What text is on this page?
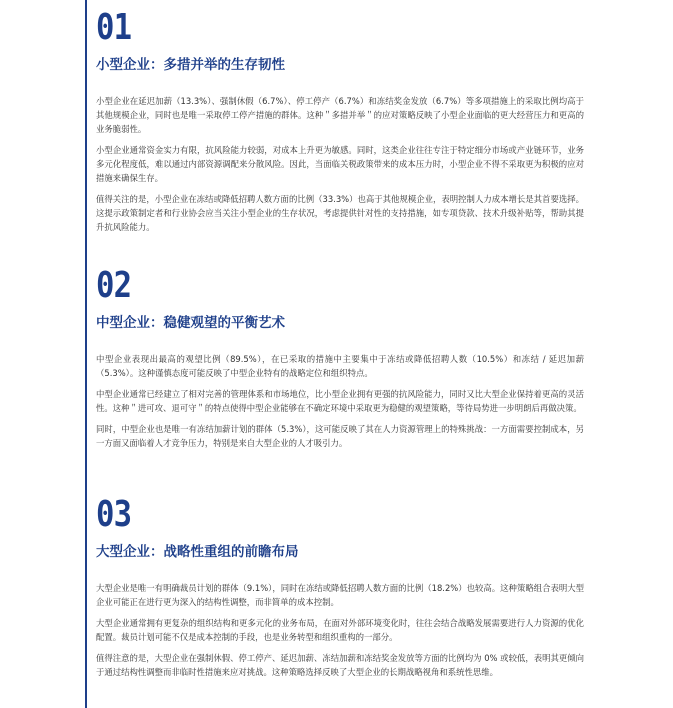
01
小型企业：多措并举的生存韧性

小型企业在延迟加薪（13.3%）、强制休假（6.7%）、停工停产（6.7%）和冻结奖金发放（6.7%）等多项措施上的采取比例均高于其他规模企业，同时也是唯一采取停工停产措施的群体。这种＂多措并举＂的应对策略反映了小型企业面临的更大经营压力和更高的业务脆弱性。

小型企业通常资金实力有限，抗风险能力较弱，对成本上升更为敏感。同时，这类企业往往专注于特定细分市场或产业链环节，业务多元化程度低，难以通过内部资源调配来分散风险。因此，当面临关税政策带来的成本压力时，小型企业不得不采取更为积极的应对措施来确保生存。

值得关注的是，小型企业在冻结或降低招聘人数方面的比例（33.3%）也高于其他规模企业，表明控制人力成本增长是其首要选择。这提示政策制定者和行业协会应当关注小型企业的生存状况，考虑提供针对性的支持措施，如专项贷款、技术升级补贴等，帮助其提升抗风险能力。

02
中型企业：稳健观望的平衡艺术

中型企业表现出最高的观望比例（89.5%），在已采取的措施中主要集中于冻结或降低招聘人数（10.5%）和冻结 / 延迟加薪（5.3%）。这种谨慎态度可能反映了中型企业特有的战略定位和组织特点。

中型企业通常已经建立了相对完善的管理体系和市场地位，比小型企业拥有更强的抗风险能力，同时又比大型企业保持着更高的灵活性。这种＂进可攻、退可守＂的特点使得中型企业能够在不确定环境中采取更为稳健的观望策略，等待局势进一步明朗后再做决策。

同时，中型企业也是唯一有冻结加薪计划的群体（5.3%），这可能反映了其在人力资源管理上的特殊挑战：一方面需要控制成本，另一方面又面临着人才竞争压力，特别是来自大型企业的人才吸引力。

03
大型企业：战略性重组的前瞻布局

大型企业是唯一有明确裁员计划的群体（9.1%），同时在冻结或降低招聘人数方面的比例（18.2%）也较高。这种策略组合表明大型企业可能正在进行更为深入的结构性调整，而非简单的成本控制。

大型企业通常拥有更复杂的组织结构和更多元化的业务布局，在面对外部环境变化时，往往会结合战略发展需要进行人力资源的优化配置。裁员计划可能不仅是成本控制的手段，也是业务转型和组织重构的一部分。

值得注意的是，大型企业在强制休假、停工停产、延迟加薪、冻结加薪和冻结奖金发放等方面的比例均为 0% 或较低，表明其更倾向于通过结构性调整而非临时性措施来应对挑战。这种策略选择反映了大型企业的长期战略视角和系统性思维。
